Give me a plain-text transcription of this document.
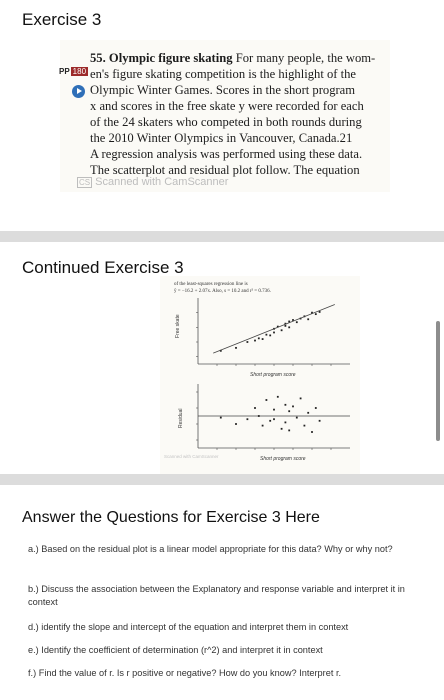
Exercise 3
55. Olympic figure skating For many people, the wom-
PP 180 en's figure skating competition is the highlight of the
Olympic Winter Games. Scores in the short program
x and scores in the free skate y were recorded for each
of the 24 skaters who competed in both rounds during
the 2010 Winter Olympics in Vancouver, Canada.21
A regression analysis was performed using these data.
The scatterplot and residual plot follow. The equation
CS Scanned with CamScanner
Continued Exercise 3
of the least-squares regression line is
ŷ = −16.2 + 2.07x. Also, s = 10.2 and r² = 0.736.
Free skate
Short program score
Residual
Scanned with CamScanner	Short program score
Answer the Questions for Exercise 3 Here
a.) Based on the residual plot is a linear model appropriate for this data? Why or why not?
b.) Discuss the association between the Explanatory and response variable and interpret it in context
d.) identify the slope and intercept of the equation and interpret them in context
e.) Identify the coefficient of determination (r^2) and interpret it in context
f.) Find the value of r. Is r positive or negative? How do you know? Interpret r.
